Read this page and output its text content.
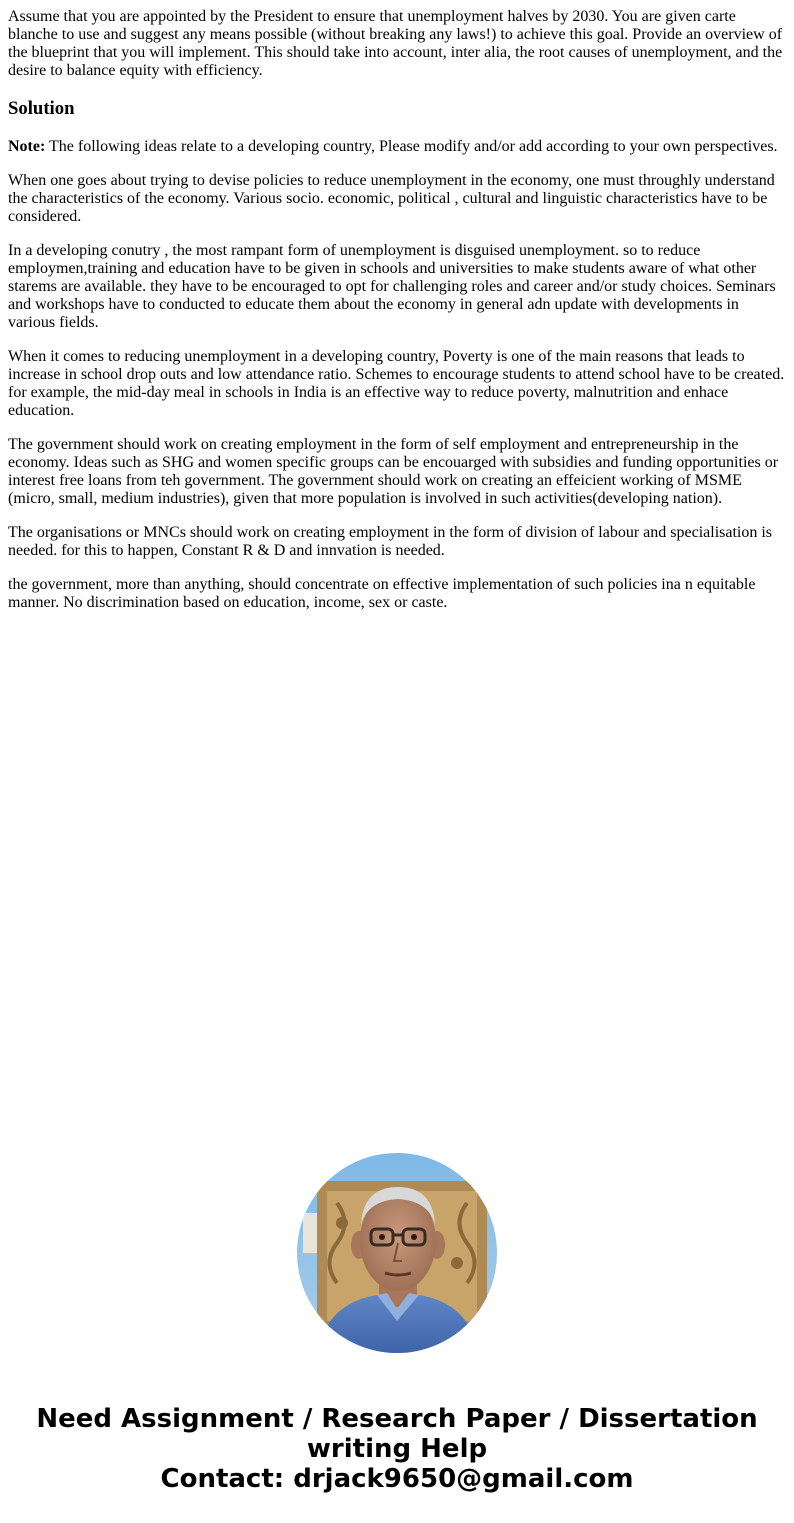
Assume that you are appointed by the President to ensure that unemployment halves by 2030. You are given carte blanche to use and suggest any means possible (without breaking any laws!) to achieve this goal. Provide an overview of the blueprint that you will implement. This should take into account, inter alia, the root causes of unemployment, and the desire to balance equity with efficiency.

Solution

Note: The following ideas relate to a developing country, Please modify and/or add according to your own perspectives.

When one goes about trying to devise policies to reduce unemployment in the economy, one must throughly understand the characteristics of the economy. Various socio. economic, political , cultural and linguistic characteristics have to be considered.

In a developing conutry , the most rampant form of unemployment is disguised unemployment. so to reduce employmen,training and education have to be given in schools and universities to make students aware of what other starems are available. they have to be encouraged to opt for challenging roles and career and/or study choices. Seminars and workshops have to conducted to educate them about the economy in general adn update with developments in various fields.

When it comes to reducing unemployment in a developing country, Poverty is one of the main reasons that leads to increase in school drop outs and low attendance ratio. Schemes to encourage students to attend school have to be created. for example, the mid-day meal in schools in India is an effective way to reduce poverty, malnutrition and enhace education.

The government should work on creating employment in the form of self employment and entrepreneurship in the economy. Ideas such as SHG and women specific groups can be encouarged with subsidies and funding opportunities or interest free loans from teh government. The government should work on creating an effeicient working of MSME (micro, small, medium industries), given that more population is involved in such activities(developing nation).

The organisations or MNCs should work on creating employment in the form of division of labour and specialisation is needed. for this to happen, Constant R & D and innvation is needed.

the government, more than anything, should concentrate on effective implementation of such policies ina n equitable manner. No discrimination based on education, income, sex or caste.

Need Assignment / Research Paper / Dissertation
writing Help
Contact: drjack9650@gmail.com
